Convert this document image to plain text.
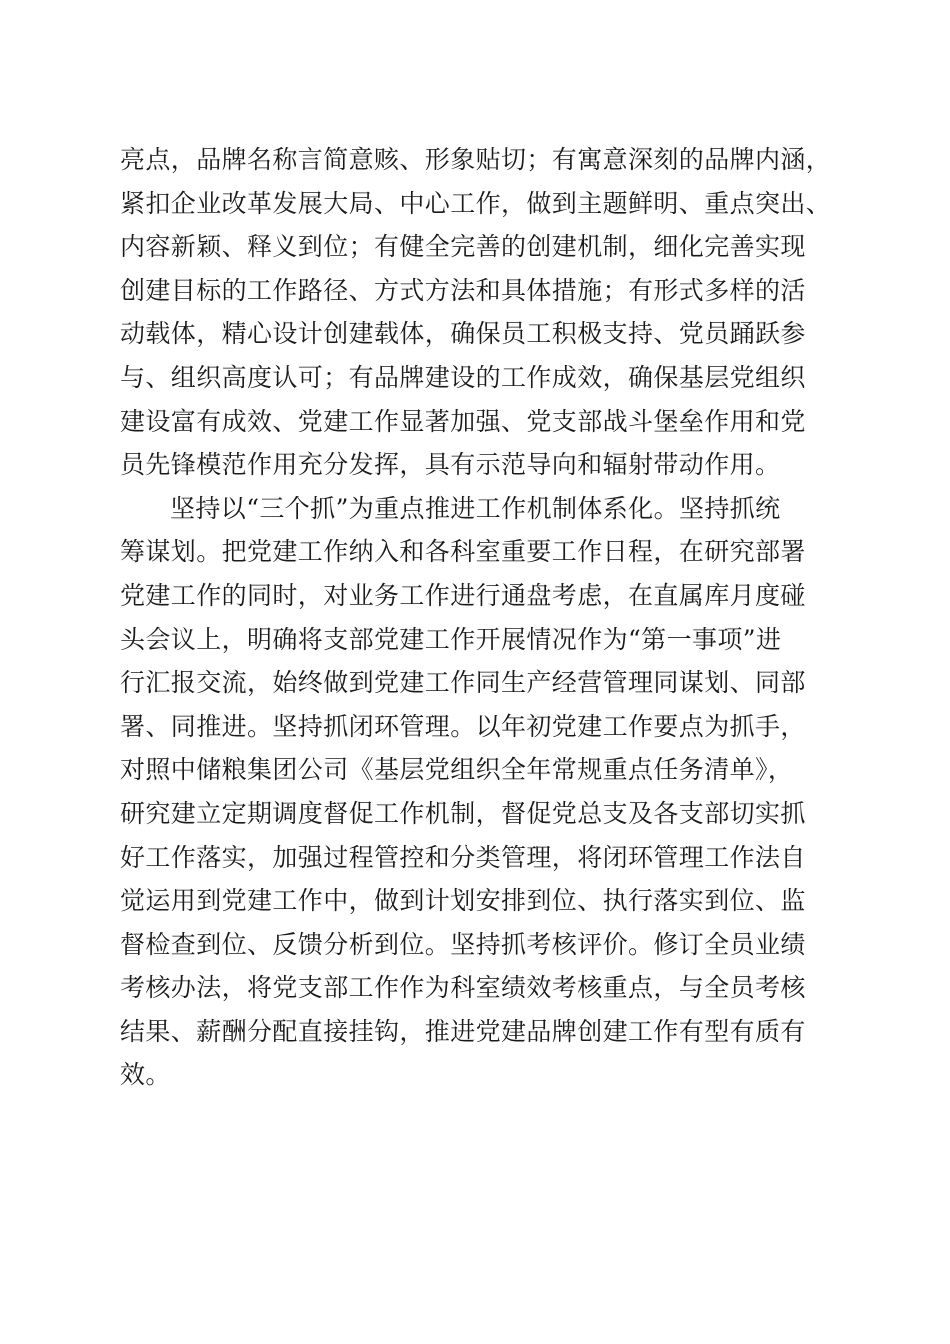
亮点，品牌名称言简意赅、形象贴切；有寓意深刻的品牌内涵，
紧扣企业改革发展大局、中心工作，做到主题鲜明、重点突出、
内容新颖、释义到位；有健全完善的创建机制，细化完善实现
创建目标的工作路径、方式方法和具体措施；有形式多样的活
动载体，精心设计创建载体，确保员工积极支持、党员踊跃参
与、组织高度认可；有品牌建设的工作成效，确保基层党组织
建设富有成效、党建工作显著加强、党支部战斗堡垒作用和党
员先锋模范作用充分发挥，具有示范导向和辐射带动作用。
坚持以“三个抓”为重点推进工作机制体系化。坚持抓统
筹谋划。把党建工作纳入和各科室重要工作日程，在研究部署
党建工作的同时，对业务工作进行通盘考虑，在直属库月度碰
头会议上，明确将支部党建工作开展情况作为“第一事项”进
行汇报交流，始终做到党建工作同生产经营管理同谋划、同部
署、同推进。坚持抓闭环管理。以年初党建工作要点为抓手，
对照中储粮集团公司《基层党组织全年常规重点任务清单》，
研究建立定期调度督促工作机制，督促党总支及各支部切实抓
好工作落实，加强过程管控和分类管理，将闭环管理工作法自
觉运用到党建工作中，做到计划安排到位、执行落实到位、监
督检查到位、反馈分析到位。坚持抓考核评价。修订全员业绩
考核办法，将党支部工作作为科室绩效考核重点，与全员考核
结果、薪酬分配直接挂钩，推进党建品牌创建工作有型有质有
效。
